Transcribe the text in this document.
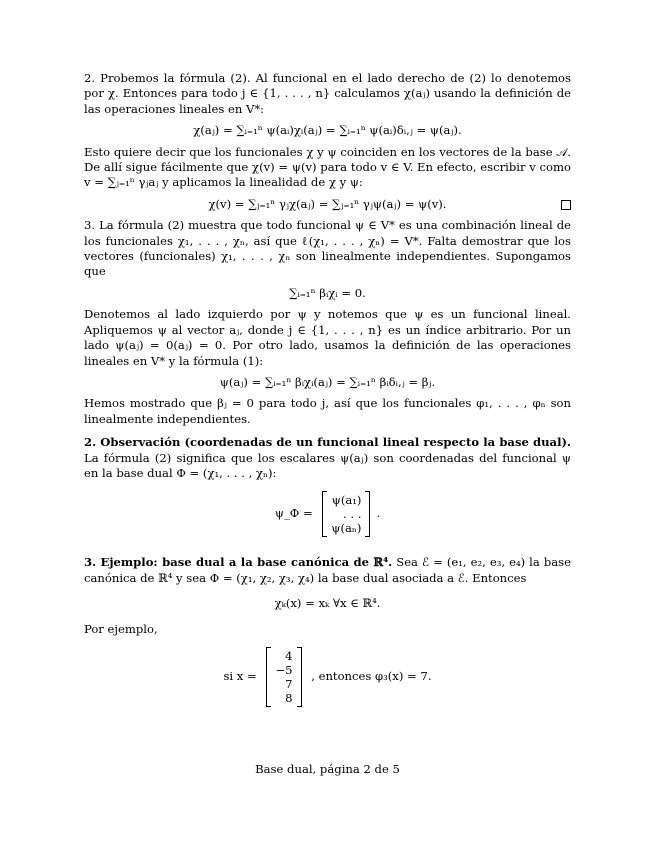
2. Probemos la fórmula (2). Al funcional en el lado derecho de (2) lo denotemos por χ. Entonces para todo j ∈ {1, . . . , n} calculamos χ(aⱼ) usando la definición de las operaciones lineales en V*:

χ(aⱼ) = ∑ᵢ₌₁ⁿ ψ(aᵢ)χᵢ(aⱼ) = ∑ᵢ₌₁ⁿ ψ(aᵢ)δᵢ,ⱼ = ψ(aⱼ).

Esto quiere decir que los funcionales χ y ψ coinciden en los vectores de la base 𝒜. De allí sigue fácilmente que χ(v) = ψ(v) para todo v ∈ V. En efecto, escribir v como v = ∑ⱼ₌₁ⁿ γⱼaⱼ y aplicamos la linealidad de χ y ψ:

χ(v) = ∑ⱼ₌₁ⁿ γⱼχ(aⱼ) = ∑ⱼ₌₁ⁿ γⱼψ(aⱼ) = ψ(v).

3. La fórmula (2) muestra que todo funcional ψ ∈ V* es una combinación lineal de los funcionales χ₁, . . . , χₙ, así que ℓ(χ₁, . . . , χₙ) = V*. Falta demostrar que los vectores (funcionales) χ₁, . . . , χₙ son linealmente independientes. Supongamos que

∑ᵢ₌₁ⁿ βᵢχᵢ = 0.

Denotemos al lado izquierdo por ψ y notemos que ψ es un funcional lineal. Apliquemos ψ al vector aⱼ, donde j ∈ {1, . . . , n} es un índice arbitrario. Por un lado ψ(aⱼ) = 0(aⱼ) = 0. Por otro lado, usamos la definición de las operaciones lineales en V* y la fórmula (1):

ψ(aⱼ) = ∑ᵢ₌₁ⁿ βᵢχᵢ(aⱼ) = ∑ᵢ₌₁ⁿ βᵢδᵢ,ⱼ = βⱼ.

Hemos mostrado que βⱼ = 0 para todo j, así que los funcionales φ₁, . . . , φₙ son linealmente independientes.

2. Observación (coordenadas de un funcional lineal respecto la base dual). La fórmula (2) significa que los escalares ψ(aⱼ) son coordenadas del funcional ψ en la base dual Φ = (χ₁, . . . , χₙ):

ψ_Φ =
ψ(a₁)
. . .
ψ(aₙ)
.

3. Ejemplo: base dual a la base canónica de ℝ⁴. Sea ℰ = (e₁, e₂, e₃, e₄) la base canónica de ℝ⁴ y sea Φ = (χ₁, χ₂, χ₃, χ₄) la base dual asociada a ℰ. Entonces

χₖ(x) = xₖ ∀x ∈ ℝ⁴.

Por ejemplo,

si x =
4
−5
7
8
, entonces φ₃(x) = 7.
Base dual, página 2 de 5
